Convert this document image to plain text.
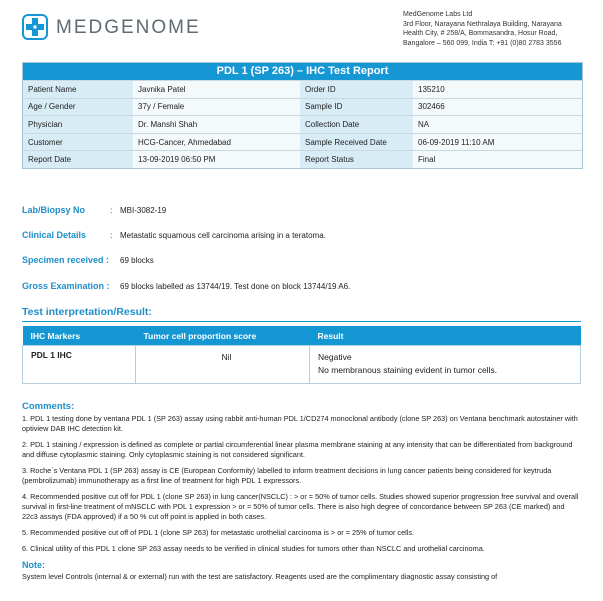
MEDGENOME
MedGenome Labs Ltd
3rd Floor, Narayana Nethralaya Building, Narayana
Health City, # 258/A, Bommasandra, Hosur Road,
Bangalore – 560 099, India T: +91 (0)80 2783 3556
PDL 1 (SP 263) – IHC Test Report
Patient Name	Javnika Patel	Order ID	135210
Age / Gender	37y / Female	Sample ID	302466
Physician	Dr. Manshi Shah	Collection Date	NA
Customer	HCG-Cancer, Ahmedabad	Sample Received Date	06-09-2019 11:10 AM
Report Date	13-09-2019 06:50 PM	Report Status	Final
Lab/Biopsy No	: MBI-3082-19
Clinical Details	: Metastatic squamous cell carcinoma arising in a teratoma.
Specimen received : 69 blocks
Gross Examination : 69 blocks labelled as 13744/19. Test done on block 13744/19 A6.
Test interpretation/Result:
IHC Markers	Tumor cell proportion score	Result
PDL 1 IHC	Nil	Negative
No membranous staining evident in tumor cells.
Comments:

1. PDL 1 testing done by ventana PDL 1 (SP 263) assay using rabbit anti-human PDL 1/CD274 monoclonal antibody (clone SP 263) on Ventana benchmark autostainer with optiview DAB IHC detection kit.

2. PDL 1 staining / expression is defined as complete or partial circumferential linear plasma membrane staining at any intensity that can be differentiated from background and diffuse cytoplasmic staining. Only cytoplasmic staining is not considered significant.

3. Roche`s Ventana PDL 1 (SP 263) assay is CE (European Conformity) labelled to inform treatment decisions in lung cancer patients being considered for keytruda (pembrolizumab) immunotherapy as a first line of treatment for high PDL 1 expressors.

4. Recommended positive cut off for PDL 1 (clone SP 263) in lung cancer(NSCLC) : > or = 50% of tumor cells. Studies showed superior progression free survival and overall survival in first-line treatment of mNSCLC with PDL 1 expression > or = 50% of tumor cells. There is also high degree of concordance between SP 263 (CE marked) and 22c3 assays (FDA approved) if a 50 % cut off point is applied in both cases.

5. Recommended positive cut off of PDL 1 (clone SP 263) for metastatic urothelial carcinoma is > or = 25% of tumor cells.

6. Clinical utility of this PDL 1 clone SP 263 assay needs to be verified in clinical studies for tumors other than NSCLC and urothelial carcinoma.

Note:
System level Controls (internal & or external) run with the test are satisfactory. Reagents used are the complimentary diagnostic assay consisting of
